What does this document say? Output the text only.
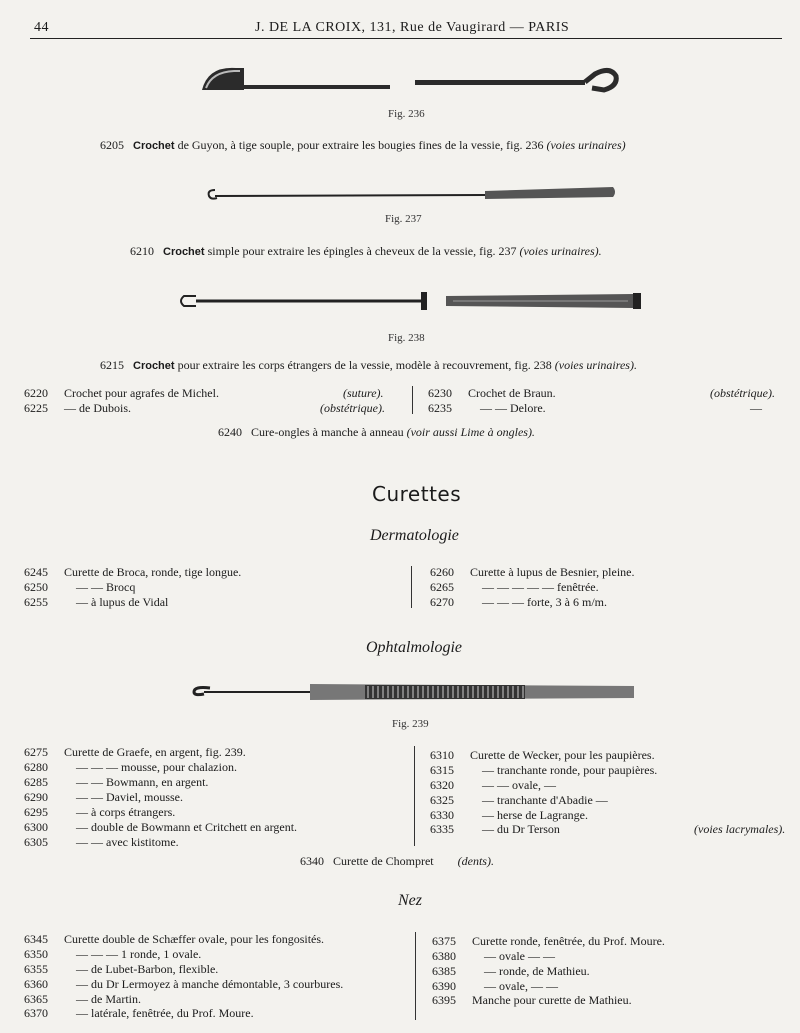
44	J. DE LA CROIX, 131, Rue de Vaugirard — PARIS
Fig. 236
6205 Crochet de Guyon, à tige souple, pour extraire les bougies fines de la vessie, fig. 236 (voies urinaires)
Fig. 237
6210 Crochet simple pour extraire les épingles à cheveux de la vessie, fig. 237 (voies urinaires).
Fig. 238
6215 Crochet pour extraire les corps étrangers de la vessie, modèle à recouvrement, fig. 238 (voies urinaires).
6220 Crochet pour agrafes de Michel.	(suture).
6225 — de Dubois.	(obstétrique).
6230 Crochet de Braun.	(obstétrique).
6235 — — Delore.	—
6240 Cure-ongles à manche à anneau (voir aussi Lime à ongles).
Curettes
Dermatologie
6245 Curette de Broca, ronde, tige longue.
6250 — — Brocq
6255 — à lupus de Vidal
6260 Curette à lupus de Besnier, pleine.
6265 — — — — — fenêtrée.
6270 — — — forte, 3 à 6 m/m.
Ophtalmologie
Fig. 239
6275 Curette de Graefe, en argent, fig. 239.
6280 — — — mousse, pour chalazion.
6285 — — Bowmann, en argent.
6290 — — Daviel, mousse.
6295 — à corps étrangers.
6300 — double de Bowmann et Critchett en argent.
6305 — — avec kistitome.
6310 Curette de Wecker, pour les paupières.
6315 — tranchante ronde, pour paupières.
6320 — — ovale, —
6325 — tranchante d'Abadie —
6330 — herse de Lagrange.
6335 — du Dr Terson	(voies lacrymales).
6340 Curette de Chompret (dents).
Nez
6345 Curette double de Schæffer ovale, pour les fongosités.
6350 — — — 1 ronde, 1 ovale.
6355 — de Lubet-Barbon, flexible.
6360 — du Dr Lermoyez à manche démontable, 3 courbures.
6365 — de Martin.
6370 — latérale, fenêtrée, du Prof. Moure.
6375 Curette ronde, fenêtrée, du Prof. Moure.
6380 — ovale — —
6385 — ronde, de Mathieu.
6390 — ovale, — —
6395 Manche pour curette de Mathieu.
